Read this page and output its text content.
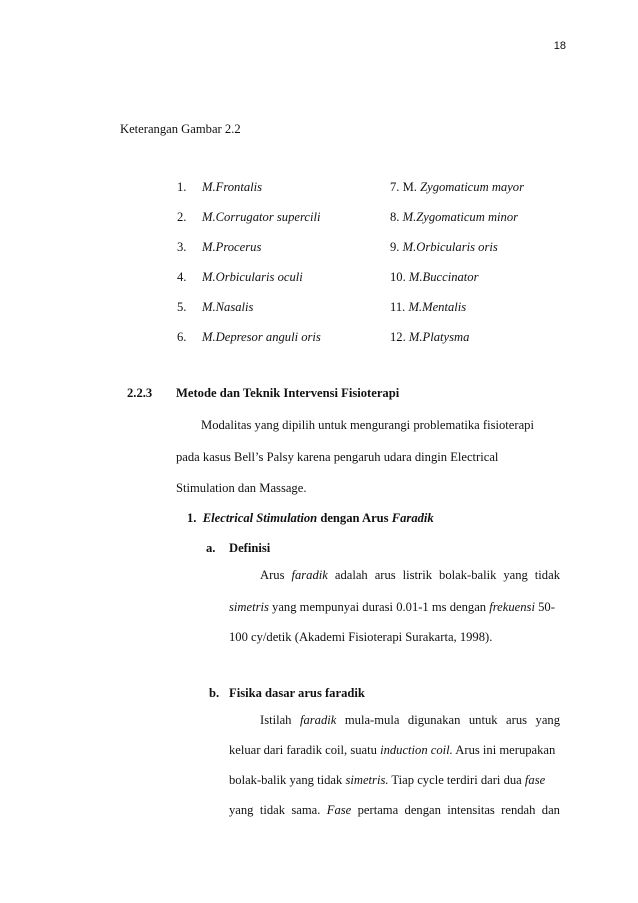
18
Keterangan Gambar 2.2
1. M.Frontalis
2. M.Corrugator supercili
3. M.Procerus
4. M.Orbicularis oculi
5. M.Nasalis
6. M.Depresor anguli oris
7. M. Zygomaticum mayor
8. M.Zygomaticum minor
9. M.Orbicularis oris
10. M.Buccinator
11. M.Mentalis
12. M.Platysma
2.2.3 Metode dan Teknik Intervensi Fisioterapi
Modalitas yang dipilih untuk mengurangi problematika fisioterapi
pada kasus Bell’s Palsy karena pengaruh udara dingin Electrical
Stimulation dan Massage.
1. Electrical Stimulation dengan Arus Faradik
a. Definisi
Arus faradik adalah arus listrik bolak-balik yang tidak
simetris yang mempunyai durasi 0.01-1 ms dengan frekuensi 50-
100 cy/detik (Akademi Fisioterapi Surakarta, 1998).
b. Fisika dasar arus faradik
Istilah faradik mula-mula digunakan untuk arus yang
keluar dari faradik coil, suatu induction coil. Arus ini merupakan
bolak-balik yang tidak simetris. Tiap cycle terdiri dari dua fase
yang tidak sama. Fase pertama dengan intensitas rendah dan
